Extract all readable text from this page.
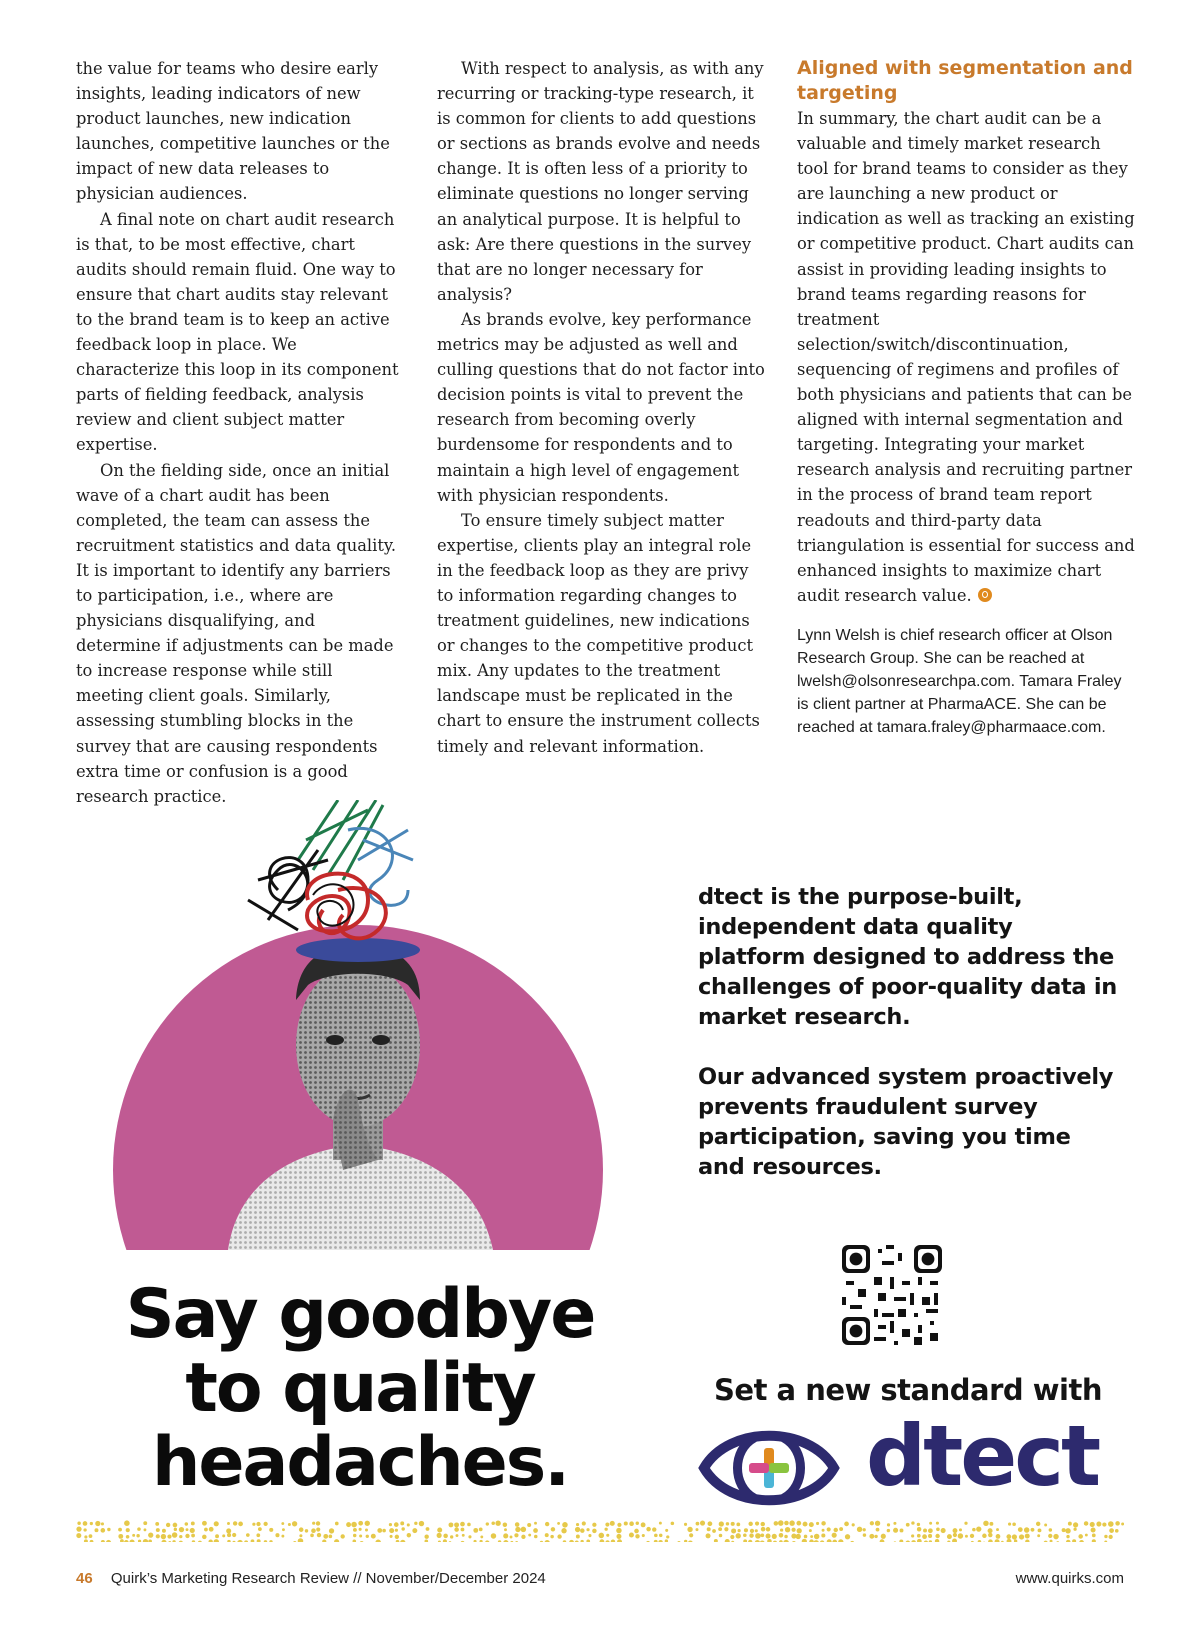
the value for teams who desire early insights, leading indicators of new product launches, new indication launches, competitive launches or the impact of new data releases to physician audiences.

A final note on chart audit research is that, to be most effective, chart audits should remain fluid. One way to ensure that chart audits stay relevant to the brand team is to keep an active feedback loop in place. We characterize this loop in its component parts of fielding feedback, analysis review and client subject matter expertise.

On the fielding side, once an initial wave of a chart audit has been completed, the team can assess the recruitment statistics and data quality. It is important to identify any barriers to participation, i.e., where are physicians disqualifying, and determine if adjustments can be made to increase response while still meeting client goals. Similarly, assessing stumbling blocks in the survey that are causing respondents extra time or confusion is a good research practice.

With respect to analysis, as with any recurring or tracking-type research, it is common for clients to add questions or sections as brands evolve and needs change. It is often less of a priority to eliminate questions no longer serving an analytical purpose. It is helpful to ask: Are there questions in the survey that are no longer necessary for analysis?

As brands evolve, key performance metrics may be adjusted as well and culling questions that do not factor into decision points is vital to prevent the research from becoming overly burdensome for respondents and to maintain a high level of engagement with physician respondents.

To ensure timely subject matter expertise, clients play an integral role in the feedback loop as they are privy to information regarding changes to treatment guidelines, new indications or changes to the competitive product mix. Any updates to the treatment landscape must be replicated in the chart to ensure the instrument collects timely and relevant information.

Aligned with segmentation and targeting

In summary, the chart audit can be a valuable and timely market research tool for brand teams to consider as they are launching a new product or indication as well as tracking an existing or competitive product. Chart audits can assist in providing leading insights to brand teams regarding reasons for treatment selection/switch/discontinuation, sequencing of regimens and profiles of both physicians and patients that can be aligned with internal segmentation and targeting. Integrating your market research analysis and recruiting partner in the process of brand team report readouts and third-party data triangulation is essential for success and enhanced insights to maximize chart audit research value.

Lynn Welsh is chief research officer at Olson Research Group. She can be reached at lwelsh@olsonresearchpa.com. Tamara Fraley is client partner at PharmaACE. She can be reached at tamara.fraley@pharmaace.com.
Say goodbye
to quality
headaches.

dtect is the purpose-built, independent data quality platform designed to address the challenges of poor-quality data in market research.

Our advanced system proactively prevents fraudulent survey participation, saving you time and resources.

Set a new standard with
dtect
46 Quirk’s Marketing Research Review // November/December 2024	www.quirks.com
